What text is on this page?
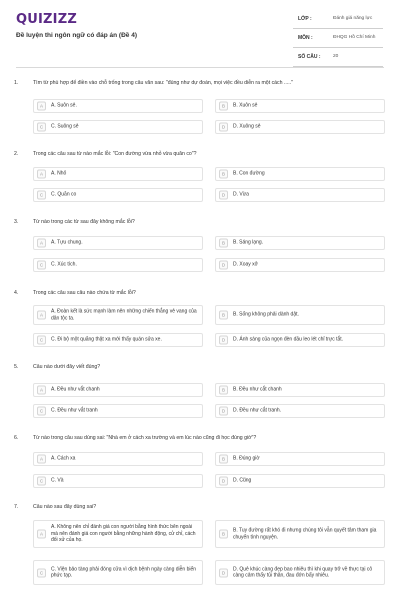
QUIZIZZ
Đề luyện thi ngôn ngữ có đáp án (Đề 4)
LỚP :	Đánh giá năng lực
MÔN :	ĐHQG Hồ Chí Minh
SỐ CÂU :	20
1.	Tìm từ phù hợp để điền vào chỗ trống trong câu văn sau: "đúng như dự đoán, mọi việc đều diễn ra một cách ....."
A	A. Suôn sẻ.	B	B. Xuôn sẻ
C	C. Suông sẻ	D	D. Xuông sẻ
2.	Trong các câu sau từ nào mắc lỗi: "Con đường vừa nhỏ vừa quăn co"?
A	A. Nhỏ	B	B. Con đường
C	C. Quăn co	D	D. Vừa
3.	Từ nào trong các từ sau đây không mắc lỗi?
A	A. Tựu chung.	B	B. Sáng lạng.
C	C. Xúc tích.	D	D. Xoay xở
4.	Trong các câu sau câu nào chứa từ mắc lỗi?
A
A. Đoàn kết là sức mạnh làm nên những chiến thắng vẻ vang của dân tộc ta.	B	B. Sống không phải dành dật.
C	C. Đi bộ một quãng thật xa mới thấy quán sửa xe.	D	D. Ánh sáng của ngọn đèn dầu leo lét chỉ trực tắt.
5.	Câu nào dưới đây viết đúng?
A	A. Đều như vắt chanh	B	B. Đều như cắt chanh
C	C. Đều như vắt tranh	D	D. Đều như cắt tranh.
6.	Từ nào trong câu sau dùng sai: "Nhà em ở cách xa trường và em lúc nào cũng đi học đúng giờ"?
A	A. Cách xa	B	B. Đúng giờ
C	C. Và	D	D. Cũng
7.	Câu nào sau đây dùng sai?
A
A. Không nên chỉ đánh giá con người bằng hình thức bên ngoài mà nên đánh giá con người bằng những hành động, cử chỉ, cách đối xử của họ.
B
B. Tuy đường rất khó đi nhưng chúng tôi vẫn quyết tâm tham gia chuyến tình nguyện.
C
C. Viện bảo tàng phải đóng cửa vì dịch bệnh ngày càng diễn biến phức tạp.	D
D. Quê khúc càng đẹp bao nhiêu thì khi quay trở về thực tại cô càng cảm thấy tủi thân, đau đớn bấy nhiêu.
